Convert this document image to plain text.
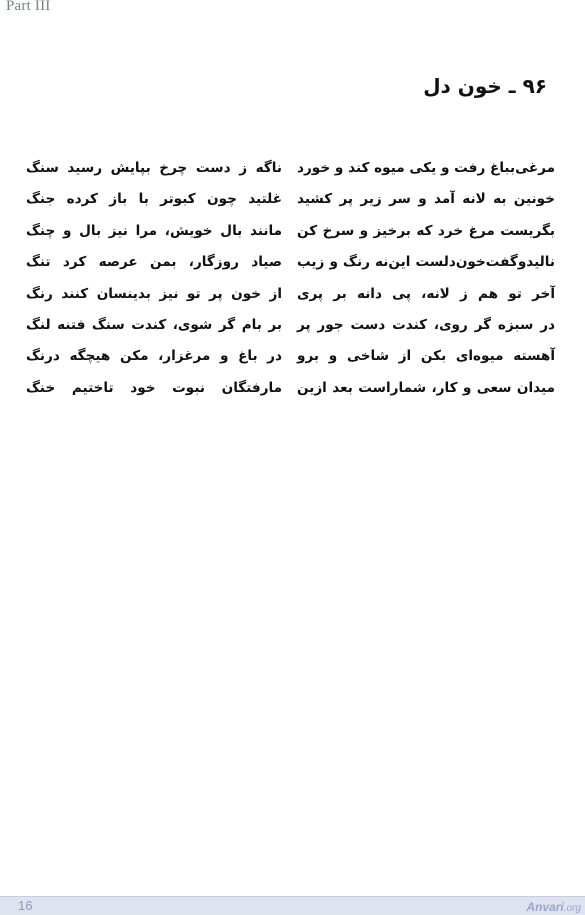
Part III
۹۶ ـ خون دل
مرغی‌بباغ رفت و یکی میوه کند و خورد
ناگه ز دست چرخ بپایش رسید سنگ
خونین به لانه آمد و سر زیر پر کشید
غلتید چون کبوتر با باز کرده جنگ
بگریست مرغ خرد که برخیز و سرخ کن
مانند بال خویش، مرا نیز بال و چنگ
نالیدوگفت‌خون‌دلست این‌نه رنگ و زیب
صیاد روزگار، بمن عرصه کرد تنگ
آخر تو هم ز لانه، پی دانه بر پری
از خون پر تو نیز بدینسان کنند رنگ
در سبزه گر روی، کندت دست جور پر
بر بام گر شوی، کندت سنگ فتنه لنگ
آهسته میوه‌ای بکن از شاخی و برو
در باغ و مرغزار، مکن هیچگه درنگ
میدان سعی و کار، شماراست بعد ازین
مارفتگان نبوت خود تاختیم خنگ
16	Anvari.org
